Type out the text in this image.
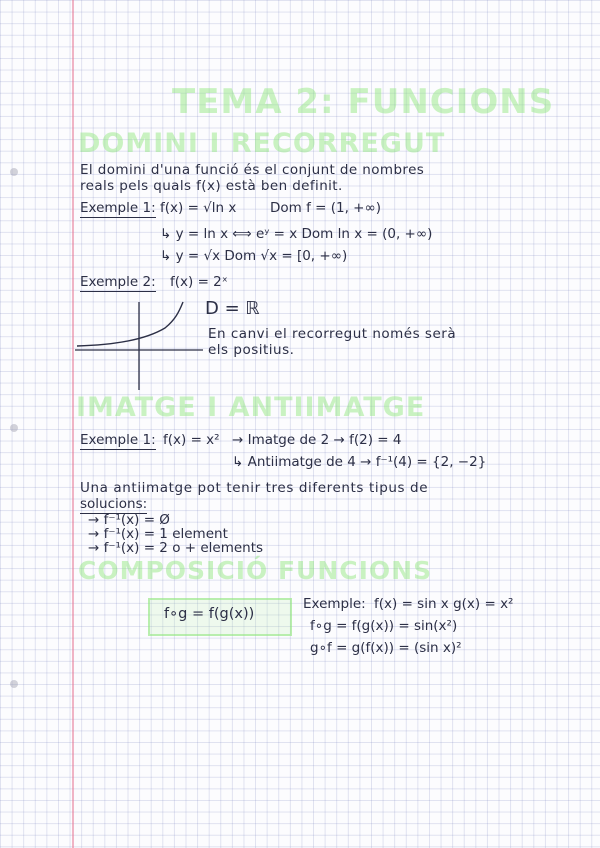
TEMA 2: FUNCIONS
DOMINI I RECORREGUT
El domini d'una funció és el conjunt de nombres
reals pels quals f(x) està ben definit.
Exemple 1: f(x) = √ln x Dom f = (1, +∞)
↳ y = ln x ⟺ eʸ = x Dom ln x = (0, +∞)
↳ y = √x Dom √x = [0, +∞)
Exemple 2: f(x) = 2ˣ
D = ℝ
En canvi el recorregut només serà
els positius.
IMATGE I ANTIIMATGE
Exemple 1: f(x) = x² → Imatge de 2 → f(2) = 4
↳ Antiimatge de 4 → f⁻¹(4) = {2, −2}
Una antiimatge pot tenir tres diferents tipus de
solucions:
→ f⁻¹(x) = Ø
→ f⁻¹(x) = 1 element
→ f⁻¹(x) = 2 o + elements
COMPOSICIÓ FUNCIONS
f∘g = f(g(x))
Exemple: f(x) = sin x g(x) = x²
f∘g = f(g(x)) = sin(x²)
g∘f = g(f(x)) = (sin x)²
